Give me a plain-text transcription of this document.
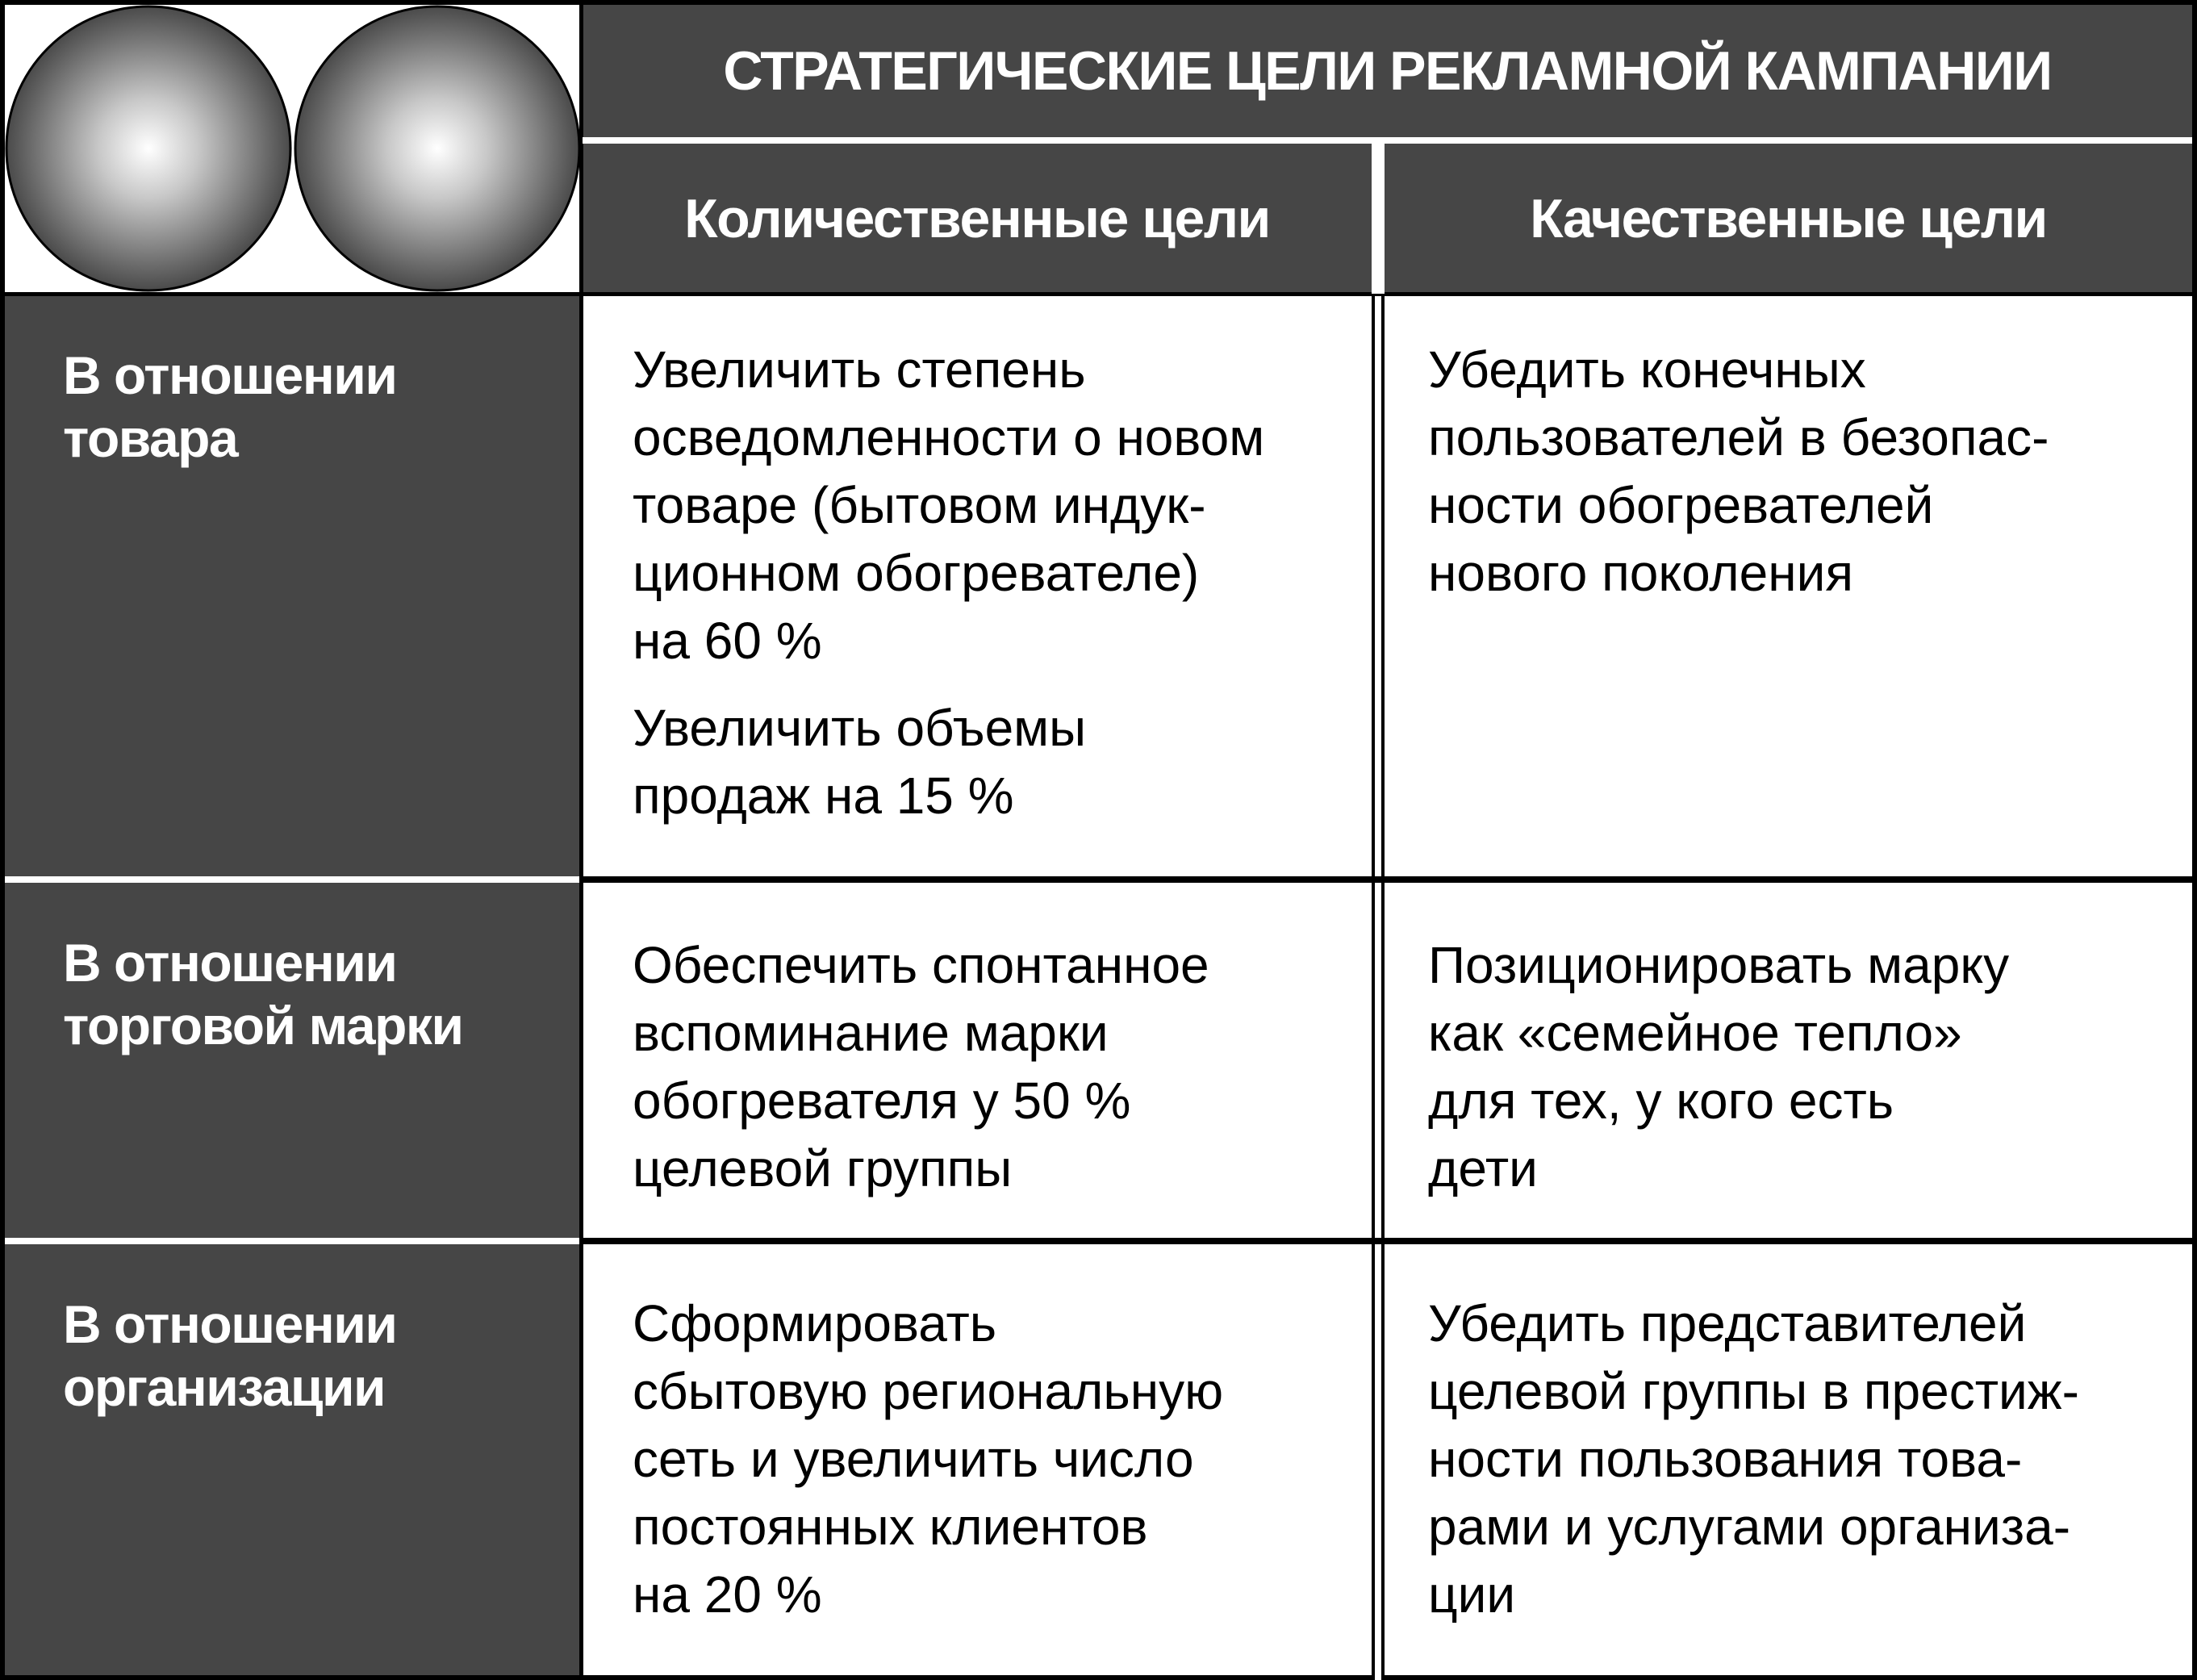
СТРАТЕГИЧЕСКИЕ ЦЕЛИ РЕКЛАМНОЙ КАМПАНИИ
Количественные цели	Качественные цели
В отношении
товара
Увеличить степень
осведомленности о новом
товаре (бытовом индук-
ционном обогревателе)
на 60 %
Увеличить объемы
продаж на 15 %
Убедить конечных
пользователей в безопас-
ности обогревателей
нового поколения
В отношении
торговой марки
Обеспечить спонтанное
вспоминание марки
обогревателя у 50 %
целевой группы
Позиционировать марку
как «семейное тепло»
для тех, у кого есть
дети
В отношении
организации
Сформировать
сбытовую региональную
сеть и увеличить число
постоянных клиентов
на 20 %
Убедить представителей
целевой группы в престиж-
ности пользования това-
рами и услугами организа-
ции
